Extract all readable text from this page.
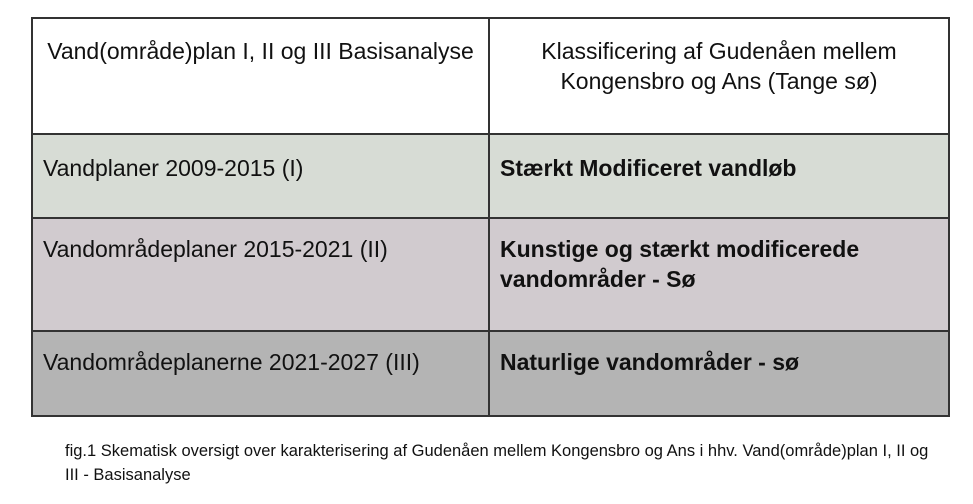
Vand(område)plan I, II og III Basisanalyse	Klassificering af Gudenåen mellem Kongensbro og Ans (Tange sø)
Vandplaner 2009-2015 (I)	Stærkt Modificeret vandløb
Vandområdeplaner 2015-2021 (II)	Kunstige og stærkt modificerede vandområder - Sø
Vandområdeplanerne 2021-2027 (III)	Naturlige vandområder - sø
fig.1 Skematisk oversigt over karakterisering af Gudenåen mellem Kongensbro og Ans i hhv. Vand(område)plan I, II og III - Basisanalyse
